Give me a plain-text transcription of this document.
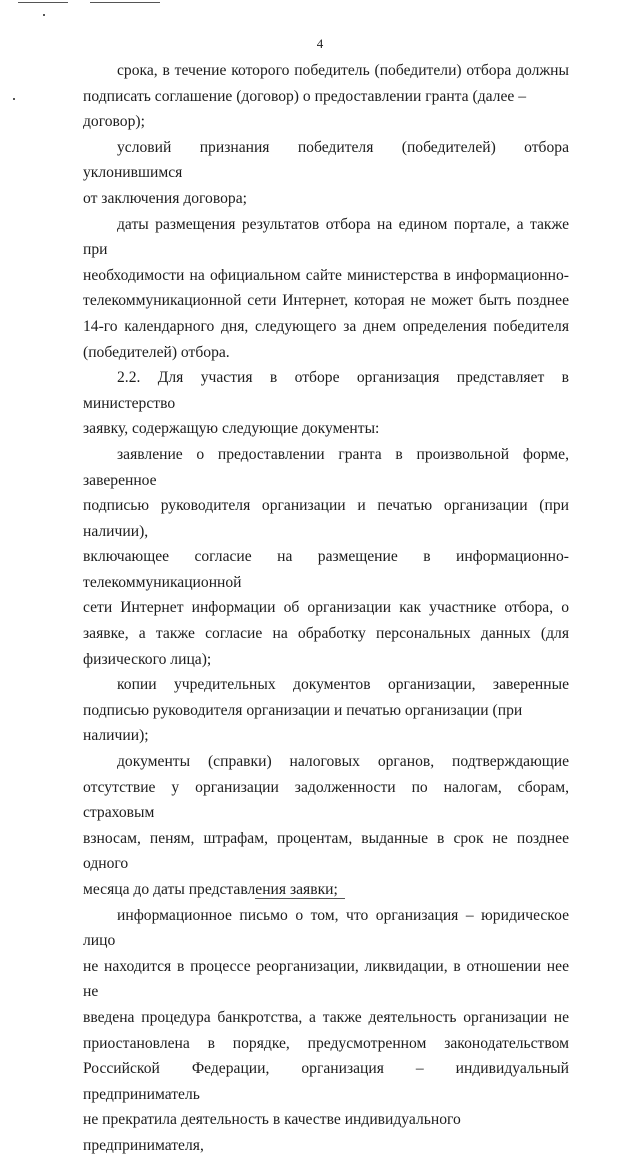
4

срока, в течение которого победитель (победители) отбора должны
подписать соглашение (договор) о предоставлении гранта (далее – договор);

условий признания победителя (победителей) отбора уклонившимся
от заключения договора;

даты размещения результатов отбора на едином портале, а также при
необходимости на официальном сайте министерства в информационно-
телекоммуникационной сети Интернет, которая не может быть позднее
14-го календарного дня, следующего за днем определения победителя
(победителей) отбора.

2.2. Для участия в отборе организация представляет в министерство
заявку, содержащую следующие документы:

заявление о предоставлении гранта в произвольной форме, заверенное
подписью руководителя организации и печатью организации (при наличии),
включающее согласие на размещение в информационно-телекоммуникационной
сети Интернет информации об организации как участнике отбора, о
заявке, а также согласие на обработку персональных данных (для
физического лица);

копии учредительных документов организации, заверенные
подписью руководителя организации и печатью организации (при наличии);

документы (справки) налоговых органов, подтверждающие
отсутствие у организации задолженности по налогам, сборам, страховым
взносам, пеням, штрафам, процентам, выданные в срок не позднее одного
месяца до даты представления заявки;

информационное письмо о том, что организация – юридическое лицо
не находится в процессе реорганизации, ликвидации, в отношении нее не
введена процедура банкротства, а также деятельность организации не
приостановлена в порядке, предусмотренном законодательством
Российской Федерации, организация – индивидуальный предприниматель
не прекратила деятельность в качестве индивидуального предпринимателя,
